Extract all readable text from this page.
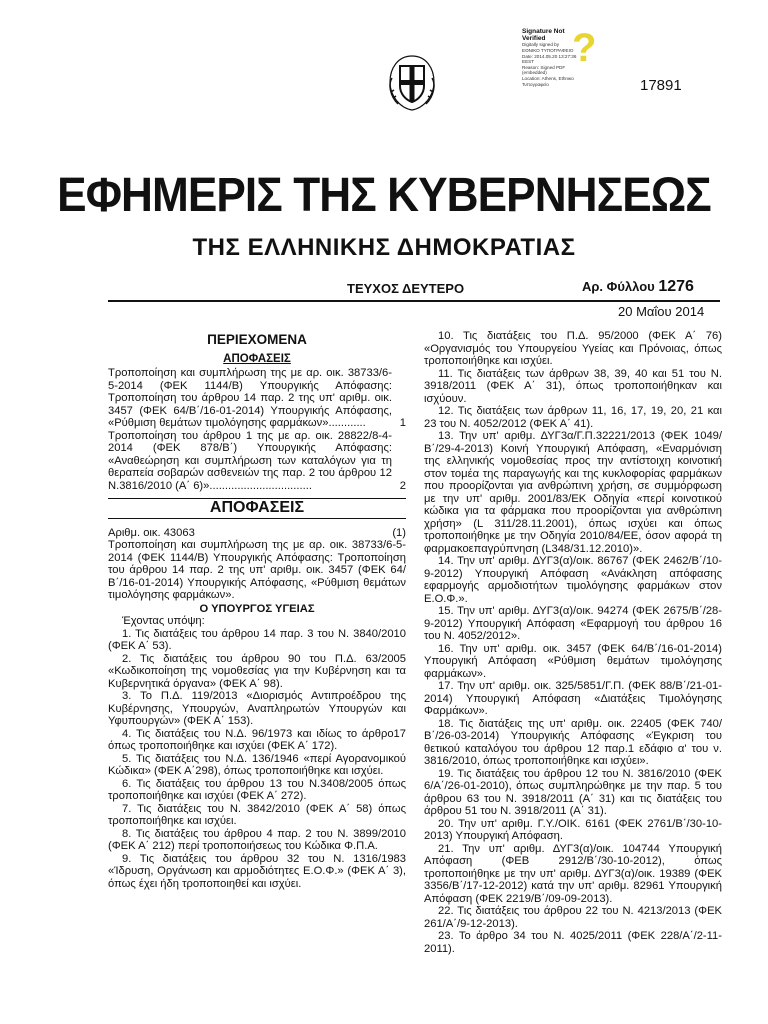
?
Signature Not
Verified
Digitally signed by
ΕΘΝΙΚΟ ΤΥΠΟΓΡΑΦΕΙΟ
Date: 2014.05.20 13:27:36
EEST
Reason: Signed PDF
(embedded)
Location: Athens, Ethnικο
Τυπογραφείο	17891
ΕΦΗΜΕΡΙΣ ΤΗΣ ΚΥΒΕΡΝΗΣΕΩΣ
ΤΗΣ ΕΛΛΗΝΙΚΗΣ ΔΗΜΟΚΡΑΤΙΑΣ
ΤΕΥΧΟΣ ΔΕΥΤΕΡΟ	Αρ. Φύλλου 1276
20 Μαΐου 2014

ΠΕΡΙΕΧΟΜΕΝΑ

ΑΠΟΦΑΣΕΙΣ

Τροποποίηση και συμπλήρωση της με αρ. οικ. 38733/6-5-2014 (ΦΕΚ 1144/Β) Υπουργικής Απόφασης: Τροποποίηση του άρθρου 14 παρ. 2 της υπ' αριθμ. οικ. 3457 (ΦΕΚ 64/Β΄/16-01-2014) Υπουργικής Απόφασης, «Ρύθμιση θεμάτων τιμολόγησης φαρμάκων»............	1

Τροποποίηση του άρθρου 1 της με αρ. οικ. 28822/8-4-2014 (ΦΕΚ 878/Β΄) Υπουργικής Απόφασης: «Αναθεώρηση και συμπλήρωση των καταλόγων για τη θεραπεία σοβαρών ασθενειών της παρ. 2 του άρθρου 12 Ν.3816/2010 (Α΄ 6)».................................	2

ΑΠΟΦΑΣΕΙΣ

Αριθμ. οικ. 43063	(1)

Τροποποίηση και συμπλήρωση της με αρ. οικ. 38733/6-5-2014 (ΦΕΚ 1144/Β) Υπουργικής Απόφασης: Τροποποίηση του άρθρου 14 παρ. 2 της υπ' αριθμ. οικ. 3457 (ΦΕΚ 64/Β΄/16-01-2014) Υπουργικής Απόφασης, «Ρύθμιση θεμάτων τιμολόγησης φαρμάκων».

Ο ΥΠΟΥΡΓΟΣ ΥΓΕΙΑΣ

Έχοντας υπόψη:

1. Τις διατάξεις του άρθρου 14 παρ. 3 του Ν. 3840/2010 (ΦΕΚ Α΄ 53).

2. Τις διατάξεις του άρθρου 90 του Π.Δ. 63/2005 «Κωδικοποίηση της νομοθεσίας για την Κυβέρνηση και τα Κυβερνητικά όργανα» (ΦΕΚ Α΄ 98).

3. Το Π.Δ. 119/2013 «Διορισμός Αντιπροέδρου της Κυβέρνησης, Υπουργών, Αναπληρωτών Υπουργών και Υφυπουργών» (ΦΕΚ Α΄ 153).

4. Τις διατάξεις του Ν.Δ. 96/1973 και ιδίως το άρθρο17 όπως τροποποιήθηκε και ισχύει (ΦΕΚ Α΄ 172).

5. Τις διατάξεις του Ν.Δ. 136/1946 «περί Αγορανομικού Κώδικα» (ΦΕΚ Α΄298), όπως τροποποιήθηκε και ισχύει.

6. Τις διατάξεις του άρθρου 13 του Ν.3408/2005 όπως τροποποιήθηκε και ισχύει (ΦΕΚ Α΄ 272).

7. Τις διατάξεις του Ν. 3842/2010 (ΦΕΚ Α΄ 58) όπως τροποποιήθηκε και ισχύει.

8. Τις διατάξεις του άρθρου 4 παρ. 2 του Ν. 3899/2010 (ΦΕΚ Α΄ 212) περί τροποποιήσεως του Κώδικα Φ.Π.Α.

9. Τις διατάξεις του άρθρου 32 του Ν. 1316/1983 «Ίδρυση, Οργάνωση και αρμοδιότητες Ε.Ο.Φ.» (ΦΕΚ Α΄ 3), όπως έχει ήδη τροποποιηθεί και ισχύει.

10. Τις διατάξεις του Π.Δ. 95/2000 (ΦΕΚ Α΄ 76) «Οργανισμός του Υπουργείου Υγείας και Πρόνοιας, όπως τροποποιήθηκε και ισχύει.

11. Τις διατάξεις των άρθρων 38, 39, 40 και 51 του Ν. 3918/2011 (ΦΕΚ Α΄ 31), όπως τροποποιήθηκαν και ισχύουν.

12. Τις διατάξεις των άρθρων 11, 16, 17, 19, 20, 21 και 23 του Ν. 4052/2012 (ΦΕΚ Α΄ 41).

13. Την υπ' αριθμ. ΔΥΓ3α/Γ.Π.32221/2013 (ΦΕΚ 1049/Β΄/29-4-2013) Κοινή Υπουργική Απόφαση, «Εναρμόνιση της ελληνικής νομοθεσίας προς την αντίστοιχη κοινοτική στον τομέα της παραγωγής και της κυκλοφορίας φαρμάκων που προορίζονται για ανθρώπινη χρήση, σε συμμόρφωση με την υπ' αριθμ. 2001/83/ΕΚ Οδηγία «περί κοινοτικού κώδικα για τα φάρμακα που προορίζονται για ανθρώπινη χρήση» (L 311/28.11.2001), όπως ισχύει και όπως τροποποιήθηκε με την Οδηγία 2010/84/ΕΕ, όσον αφορά τη φαρμακοεπαγρύπνηση (L348/31.12.2010)».

14. Την υπ' αριθμ. ΔΥΓ3(α)/οικ. 86767 (ΦΕΚ 2462/Β΄/10-9-2012) Υπουργική Απόφαση «Ανάκληση απόφασης εφαρμογής αρμοδιοτήτων τιμολόγησης φαρμάκων στον Ε.Ο.Φ.».

15. Την υπ' αριθμ. ΔΥΓ3(α)/οικ. 94274 (ΦΕΚ 2675/Β΄/28-9-2012) Υπουργική Απόφαση «Εφαρμογή του άρθρου 16 του Ν. 4052/2012».

16. Την υπ' αριθμ. οικ. 3457 (ΦΕΚ 64/Β΄/16-01-2014) Υπουργική Απόφαση «Ρύθμιση θεμάτων τιμολόγησης φαρμάκων».

17. Την υπ' αριθμ. οικ. 325/5851/Γ.Π. (ΦΕΚ 88/Β΄/21-01-2014) Υπουργική Απόφαση «Διατάξεις Τιμολόγησης Φαρμάκων».

18. Τις διατάξεις της υπ' αριθμ. οικ. 22405 (ΦΕΚ 740/Β΄/26-03-2014) Υπουργικής Απόφασης «Έγκριση του θετικού καταλόγου του άρθρου 12 παρ.1 εδάφιο α' του ν. 3816/2010, όπως τροποποιήθηκε και ισχύει».

19. Τις διατάξεις του άρθρου 12 του Ν. 3816/2010 (ΦΕΚ 6/Α΄/26-01-2010), όπως συμπληρώθηκε με την παρ. 5 του άρθρου 63 του Ν. 3918/2011 (Α΄ 31) και τις διατάξεις του άρθρου 51 του Ν. 3918/2011 (Α΄ 31).

20. Την υπ' αριθμ. Γ.Υ./ΟΙΚ. 6161 (ΦΕΚ 2761/Β΄/30-10-2013) Υπουργική Απόφαση.

21. Την υπ' αριθμ. ΔΥΓ3(α)/οικ. 104744 Υπουργική Απόφαση (ΦΕΒ 2912/Β΄/30-10-2012), όπως τροποποιήθηκε με την υπ' αριθμ. ΔΥΓ3(α)/οικ. 19389 (ΦΕΚ 3356/Β΄/17-12-2012) κατά την υπ' αριθμ. 82961 Υπουργική Απόφαση (ΦΕΚ 2219/Β΄/09-09-2013).

22. Τις διατάξεις του άρθρου 22 του Ν. 4213/2013 (ΦΕΚ 261/Α΄/9-12-2013).

23. Το άρθρο 34 του Ν. 4025/2011 (ΦΕΚ 228/Α΄/2-11-2011).
